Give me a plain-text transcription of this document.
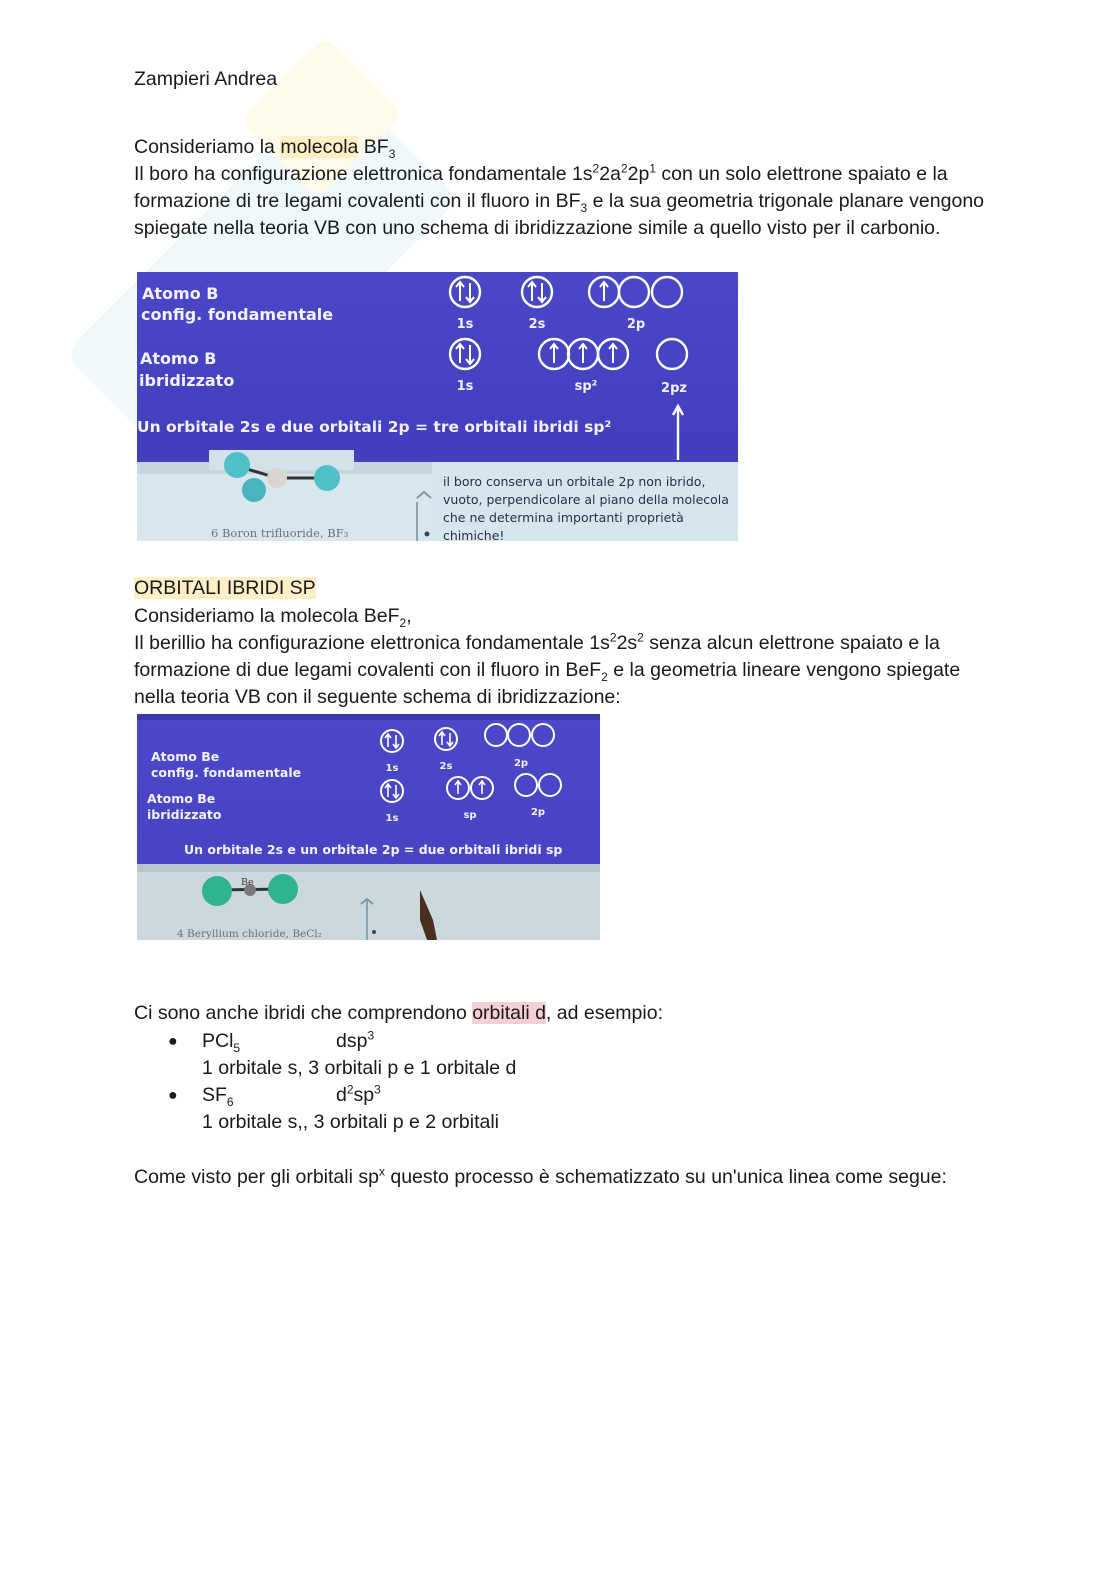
Zampieri Andrea

Consideriamo la molecola $BF_3$

Il boro ha configurazione elettronica fondamentale $1s^22a^22p^1$ con un solo elettrone spaiato e la formazione di tre legami covalenti con il fluoro in $BF_3$ e la sua geometria trigonale planare vengono spiegate nella teoria VB con uno schema di ibridizzazione simile a quello visto per il carbonio.

Atomo B
config. fondamentale
Atomo B
ibridizzato
1s	2s	2p
1s	sp²	2pz
Un orbitale 2s e due orbitali 2p = tre orbitali ibridi sp²
il boro conserva un orbitale 2p non ibrido,
vuoto, perpendicolare al piano della molecola
che ne determina importanti proprietà
chimiche!
6 Boron trifluoride, BF₃

ORBITALI IBRIDI SP

Consideriamo la molecola BeF$_2$,

Il berillio ha configurazione elettronica fondamentale $1s^22s^2$ senza alcun elettrone spaiato e la formazione di due legami covalenti con il fluoro in BeF$_2$ e la geometria lineare vengono spiegate nella teoria VB con il seguente schema di ibridizzazione:

Atomo Be
config. fondamentale
Atomo Be
ibridizzato
1s	2s	2p
1s	sp	2p
Un orbitale 2s e un orbitale 2p = due orbitali ibridi sp
Be
4 Beryllium chloride, BeCl₂

Ci sono anche ibridi che comprendono orbitali d, ad esempio:

● PCl$_5$	dsp$^3$

1 orbitale s, 3 orbitali p e 1 orbitale d

● $SF_6$	$d^2sp^3$

1 orbitale s,, 3 orbitali p e 2 orbitali

Come visto per gli orbitali $sp^x$ questo processo è schematizzato su un'unica linea come segue:
